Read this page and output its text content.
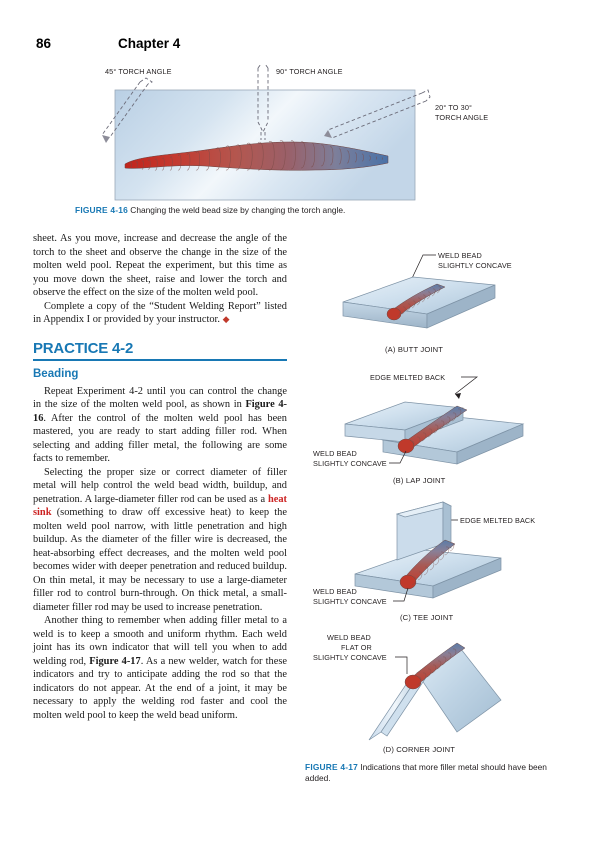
86	Chapter 4
45° TORCH ANGLE	90° TORCH ANGLE
20° TO 30°
TORCH ANGLE
FIGURE 4-16 Changing the weld bead size by changing the torch angle.

sheet. As you move, increase and decrease the angle of the torch to the sheet and observe the change in the size of the molten weld pool. Repeat the experiment, but this time as you move down the sheet, raise and lower the torch and observe the effect on the size of the molten weld pool.

Complete a copy of the “Student Welding Report” listed in Appendix I or provided by your instructor. ◆

PRACTICE 4-2
Beading

Repeat Experiment 4-2 until you can control the change in the size of the molten weld pool, as shown in Figure 4-16. After the control of the molten weld pool has been mastered, you are ready to start adding filler rod. When selecting and adding filler metal, the following are some facts to remember.

Selecting the proper size or correct diameter of filler metal will help control the weld bead width, buildup, and penetration. A large-diameter filler rod can be used as a heat sink (something to draw off excessive heat) to keep the molten weld pool narrow, with little penetration and high buildup. As the diameter of the filler wire is decreased, the heat-absorbing effect decreases, and the molten weld pool becomes wider with deeper penetration and reduced buildup. On thin metal, it may be necessary to use a large-diameter filler rod to control burn-through. On thick metal, a small-diameter filler rod may be used to increase penetration.

Another thing to remember when adding filler metal to a weld is to keep a smooth and uniform rhythm. Each weld joint has its own indicator that will tell you when to add welding rod, Figure 4-17. As a new welder, watch for these indicators and try to anticipate adding the rod so that the indicators do not appear. At the end of a joint, it may be necessary to apply the welding rod faster and cool the molten weld pool to keep the weld bead uniform.

WELD BEAD
SLIGHTLY CONCAVE
(A) BUTT JOINT
EDGE MELTED BACK
WELD BEAD
SLIGHTLY CONCAVE
(B) LAP JOINT
EDGE MELTED BACK
WELD BEAD
SLIGHTLY CONCAVE
(C) TEE JOINT
WELD BEAD
FLAT OR
SLIGHTLY CONCAVE
(D) CORNER JOINT
FIGURE 4-17 Indications that more filler metal should have been added.
